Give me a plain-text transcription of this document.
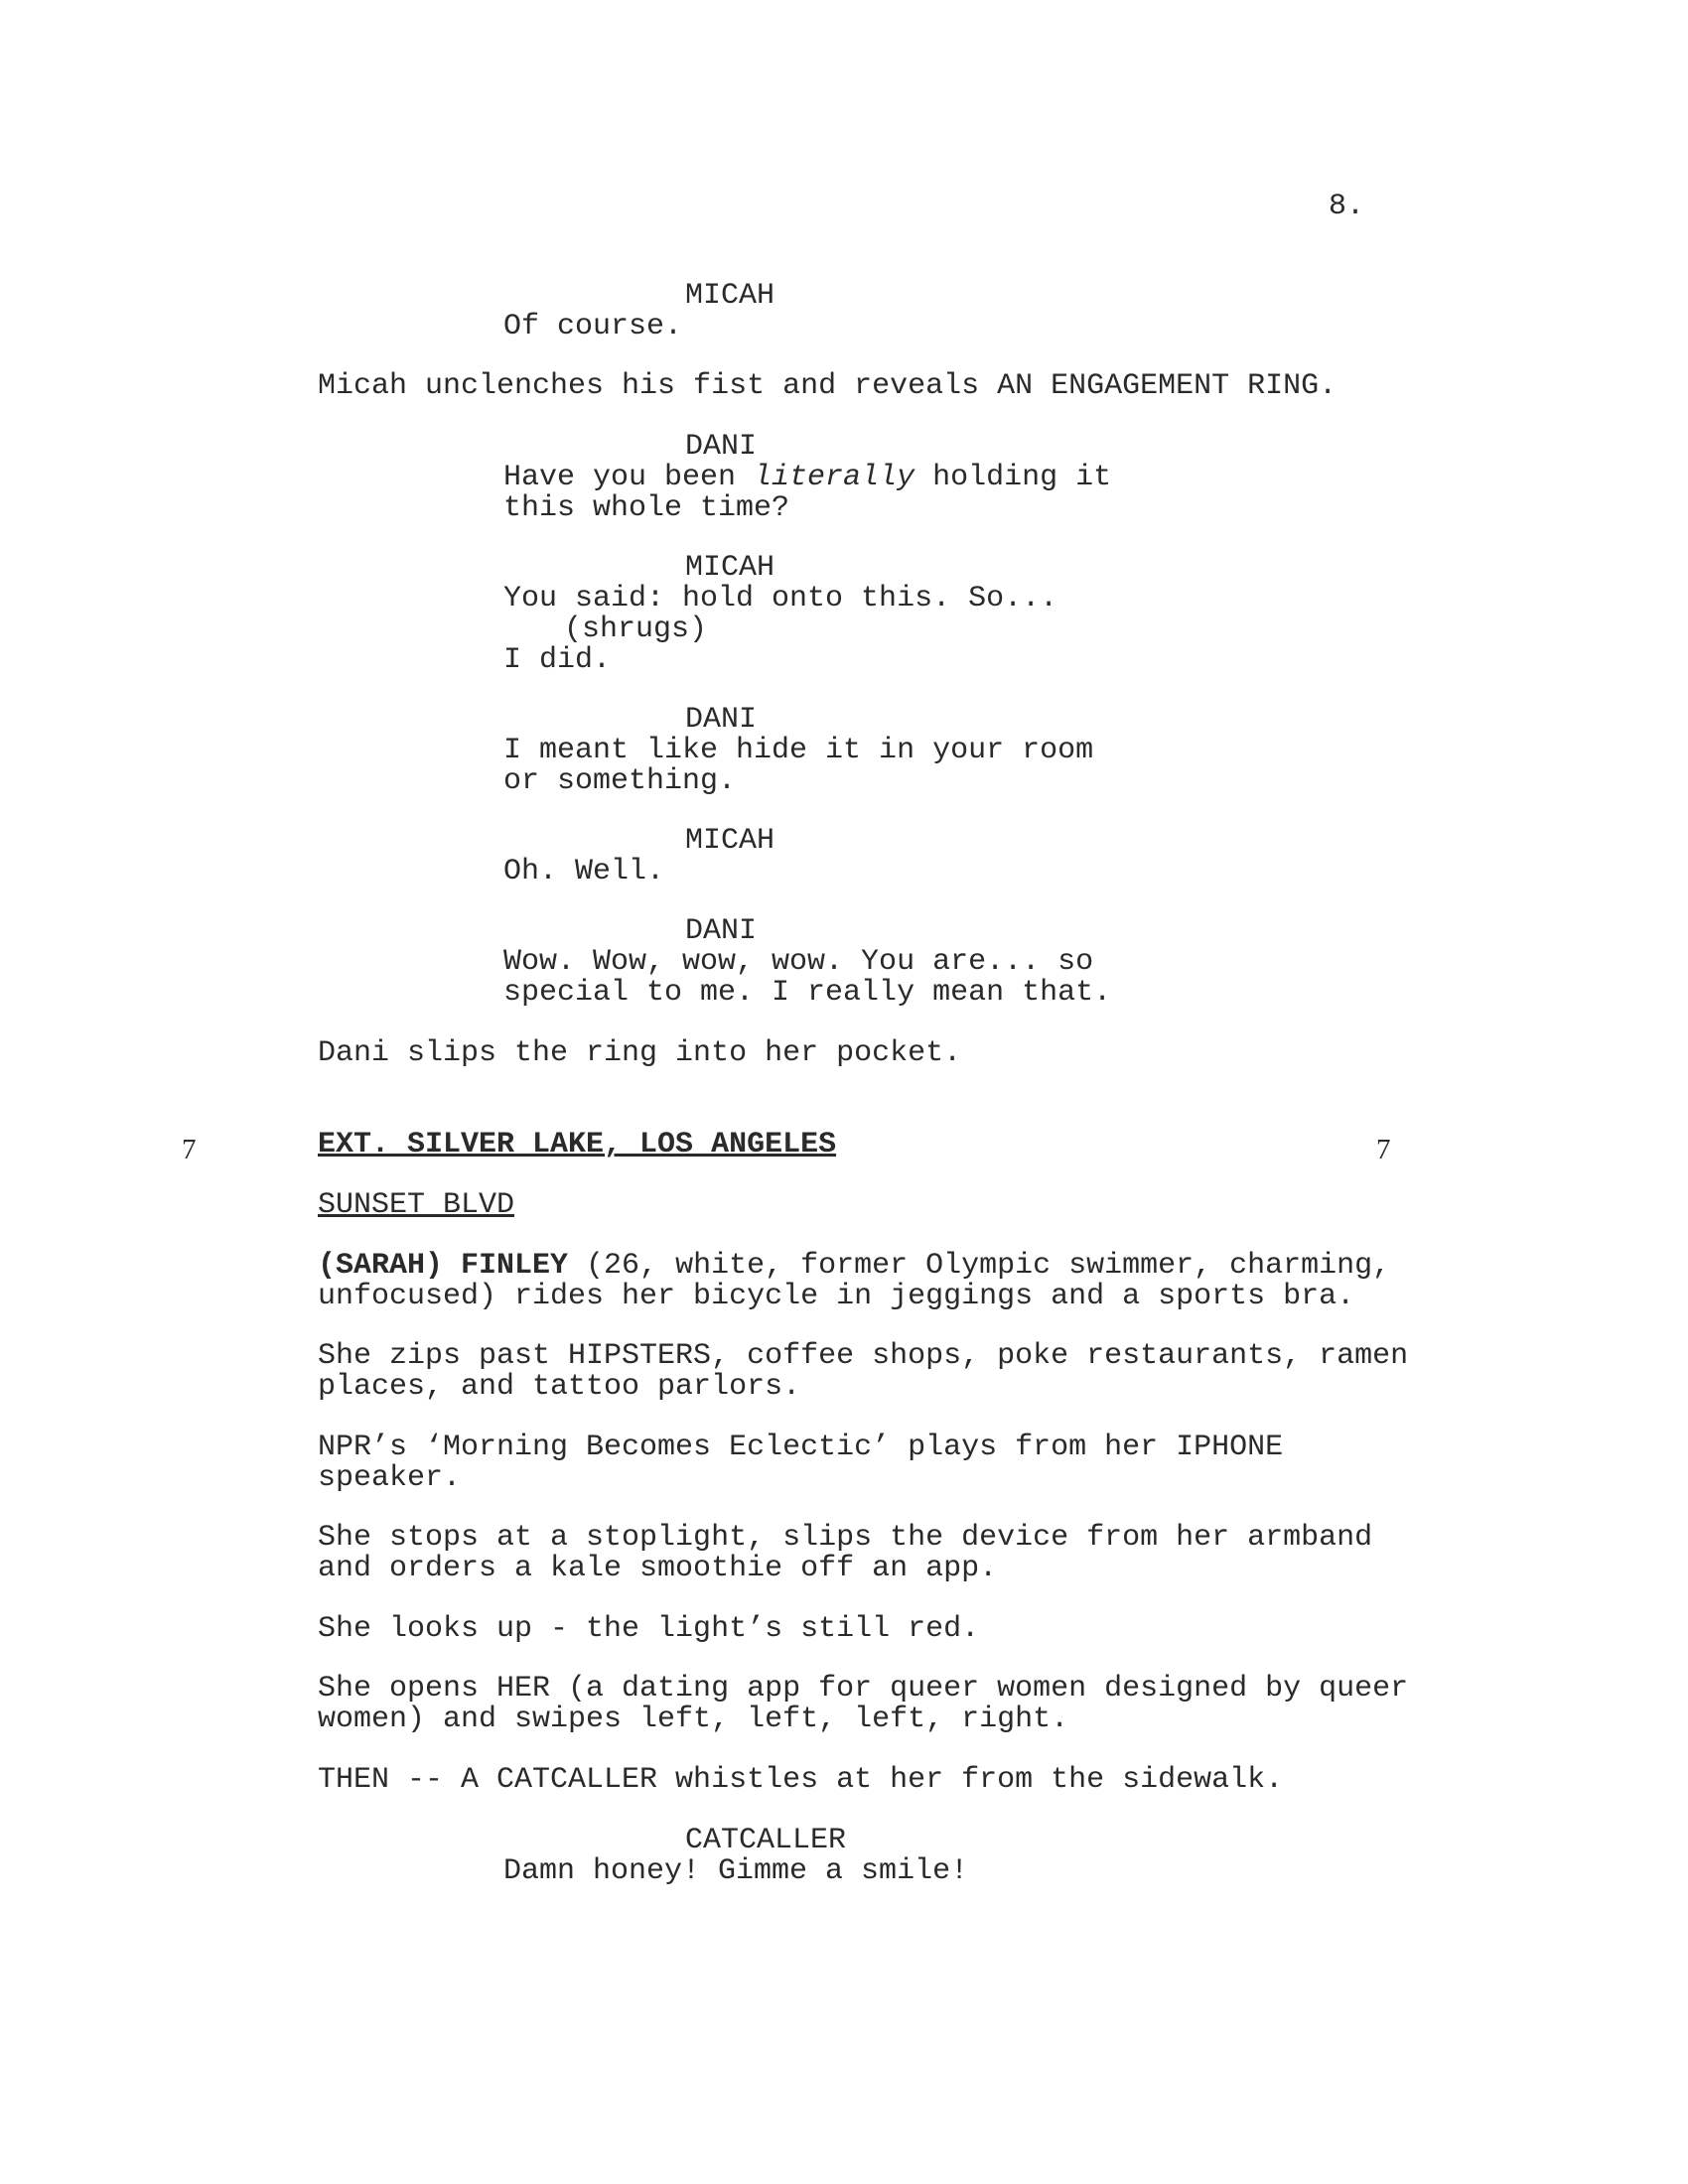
8.

MICAH

Of course.

Micah unclenches his fist and reveals AN ENGAGEMENT RING.

DANI

Have you been literally holding it

this whole time?

MICAH

You said: hold onto this. So...

(shrugs)

I did.

DANI

I meant like hide it in your room

or something.

MICAH

Oh. Well.

DANI

Wow. Wow, wow, wow. You are... so

special to me. I really mean that.

Dani slips the ring into her pocket.

7	EXT. SILVER LAKE, LOS ANGELES	7

SUNSET BLVD

(SARAH) FINLEY (26, white, former Olympic swimmer, charming,

unfocused) rides her bicycle in jeggings and a sports bra.

She zips past HIPSTERS, coffee shops, poke restaurants, ramen

places, and tattoo parlors.

NPR’s ‘Morning Becomes Eclectic’ plays from her IPHONE

speaker.

She stops at a stoplight, slips the device from her armband

and orders a kale smoothie off an app.

She looks up - the light’s still red.

She opens HER (a dating app for queer women designed by queer

women) and swipes left, left, left, right.

THEN -- A CATCALLER whistles at her from the sidewalk.

CATCALLER

Damn honey! Gimme a smile!
